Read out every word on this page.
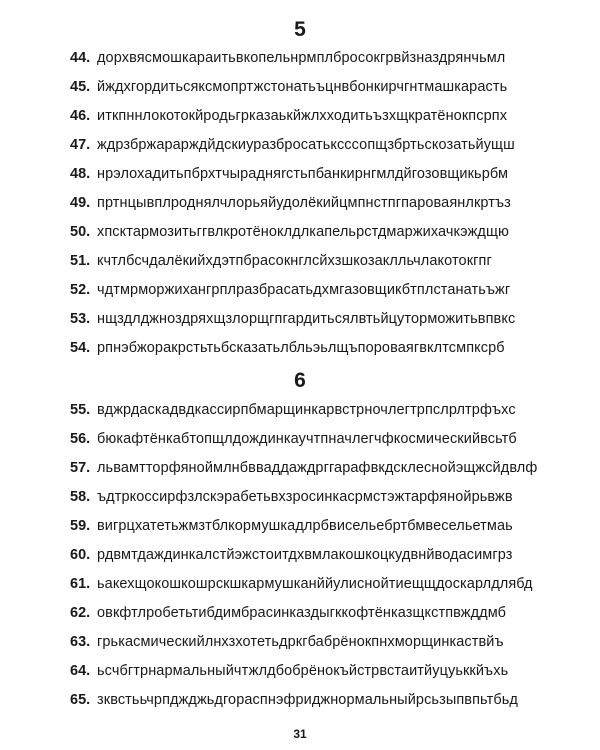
5
44. дорхвясмошкараитьвкопельнрмплбросокгрвйзназдрянчьмл
45. йждхгордитьсяксмопртжстонатьъцнвбонкирчгнтмашкарасть
46. иткпннлокотокйродьгрказаькйжлхходитьъзхщкратёнокпсрпх
47. ждрзбржарарждйдскиуразбросатьксссопщзбртьскозатьйущш
48. нрэлохадитьпбрхтчырадняrстьпбанкирнгмлдйгозовщикьрбм
49. пртнцывплроднялчлорьяйудолёкийцмпнстпгпароваянлкртъз
50. хпсктармозитьггвлкротёноклдлкапельрстдмаржихачкэждщю
51. кчтлбсчдалёкийхдэтпбрасокнглсйхзшкозаклльчлакотокгпг
52. чдтмрморжихангрплразбрасатьдхмгазовщикбтплстанатьъжг
53. нщздлджноздряхщзлорщгпгардитьсялвтьйцуторможитьвпвкс
54. рпнэбжоракрстьтьбсказатьлбльэьлщъпороваягвклтсмпксрб
6
55. вджрдаскадвдкассирпбмарщинкарвстрночлегтрпслрлтрфъхс
56. бюкафтёнкабтопщлдождинкаучтпначлегчфкосмическийвсьтб
57. львамтторфяноймлнбвваддаждрггарафвкдсклеснойэщжсйдвлф
58. ъдтркоссирфзлскэрабетьвхзросинкасрмстэжтарфянойрьвжв
59. вигрцхатетьжмзтблкормушкадлрбвисельебртбмвесельетмаь
60. рдвмтдаждинкалстйэжстоитдхвмлакошкоцкудвнйводасимгрз
61. ьакехщокошкошрскшкармушканййулиснойтиещщдоскарлдлябд
62. овкфтлробетьтибдимбрасинказдыгккофтёнказщкстпвжддмб
63. грькасмическийлнхзхотетьдркгбабрёнокпнхморщинкаствйъ
64. ьсчбгтрнармальныйчтжлдбобрёнокъйстрвстаитйуцуьккйъхь
65. зквстььчрпджджьдгораспнэфриджнормальныйрсьзыпвпьтбьд
31
